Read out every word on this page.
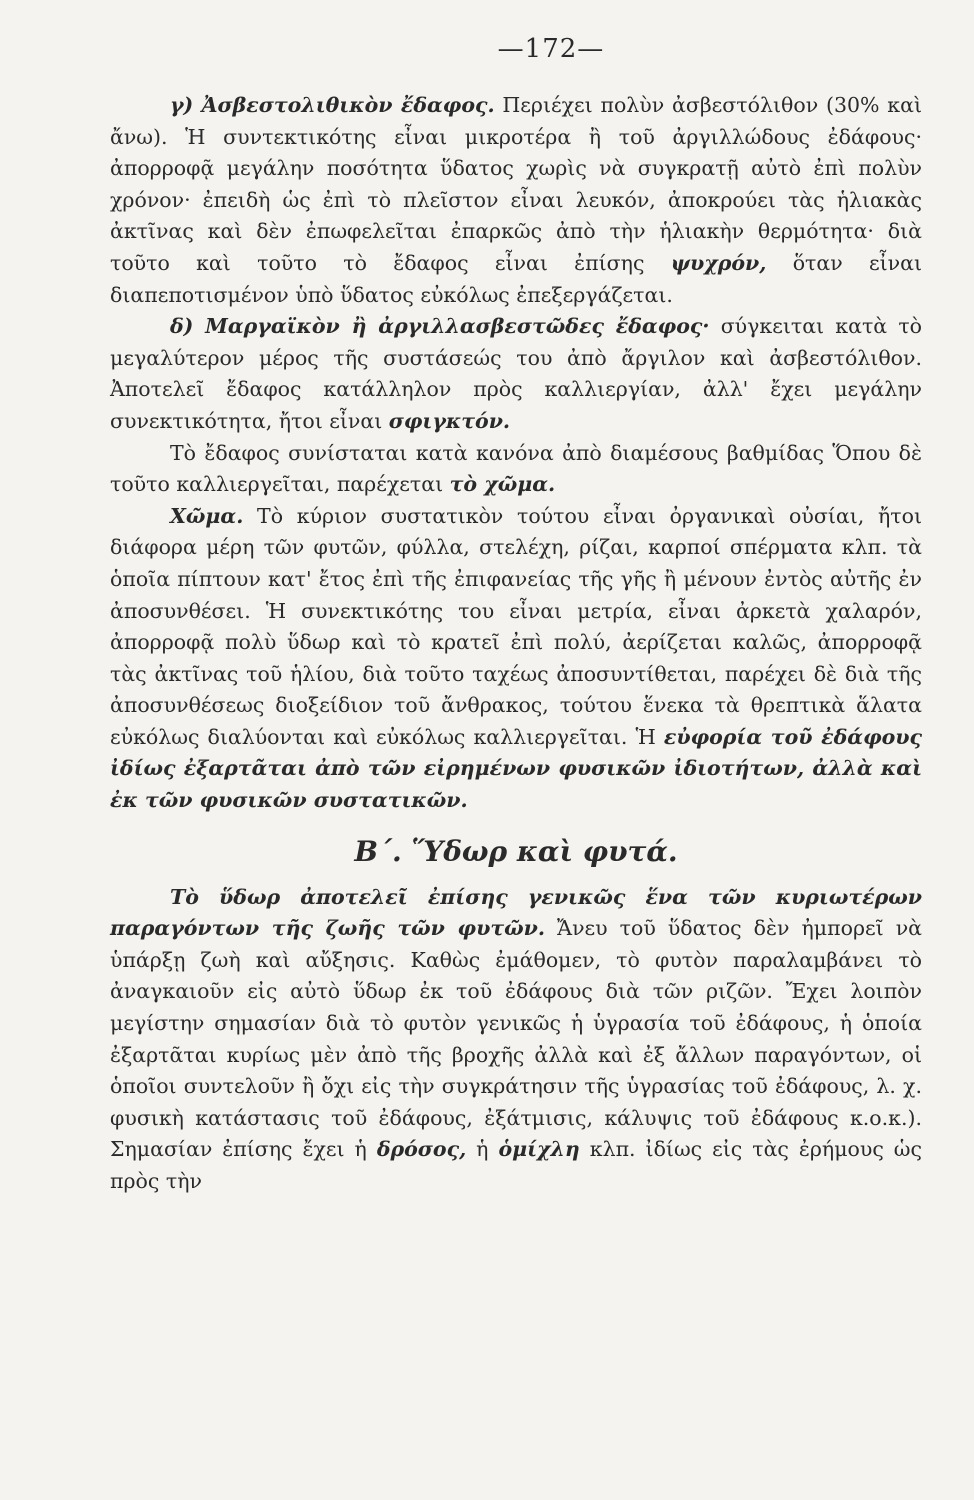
—172—

γ) Ἀσβεστολιθικὸν ἔδαφος. Περιέχει πολὺν ἀσβεστόλιθον (30% καὶ ἄνω). Ἡ συντεκτικότης εἶναι μικροτέρα ἢ τοῦ ἀργιλλώδους ἐδάφους· ἀπορροφᾷ μεγάλην ποσότητα ὕδατος χωρὶς νὰ συγκρατῇ αὐτὸ ἐπὶ πολὺν χρόνον· ἐπειδὴ ὡς ἐπὶ τὸ πλεῖστον εἶναι λευκόν, ἀποκρούει τὰς ἡλιακὰς ἀκτῖνας καὶ δὲν ἐπωφελεῖται ἐπαρκῶς ἀπὸ τὴν ἡλιακὴν θερμότητα· διὰ τοῦτο καὶ τοῦτο τὸ ἔδαφος εἶναι ἐπίσης ψυχρόν, ὅταν εἶναι διαπεποτισμένον ὑπὸ ὕδατος εὐκόλως ἐπεξεργάζεται.

δ) Μαργαϊκὸν ἢ ἀργιλλασβεστῶδες ἔδαφος· σύγκειται κατὰ τὸ μεγαλύτερον μέρος τῆς συστάσεώς του ἀπὸ ἄργιλον καὶ ἀσβεστόλιθον. Ἀποτελεῖ ἔδαφος κατάλληλον πρὸς καλλιεργίαν, ἀλλ' ἔχει μεγάλην συνεκτικότητα, ἤτοι εἶναι σφιγκτόν.

Τὸ ἔδαφος συνίσταται κατὰ κανόνα ἀπὸ διαμέσους βαθμίδας Ὅπου δὲ τοῦτο καλλιεργεῖται, παρέχεται τὸ χῶμα.

Χῶμα. Τὸ κύριον συστατικὸν τούτου εἶναι ὀργανικαὶ οὐσίαι, ἤτοι διάφορα μέρη τῶν φυτῶν, φύλλα, στελέχη, ρίζαι, καρποί σπέρματα κλπ. τὰ ὁποῖα πίπτουν κατ' ἔτος ἐπὶ τῆς ἐπιφανείας τῆς γῆς ἢ μένουν ἐντὸς αὐτῆς ἐν ἀποσυνθέσει. Ἡ συνεκτικότης του εἶναι μετρία, εἶναι ἀρκετὰ χαλαρόν, ἀπορροφᾷ πολὺ ὕδωρ καὶ τὸ κρατεῖ ἐπὶ πολύ, ἀερίζεται καλῶς, ἀπορροφᾷ τὰς ἀκτῖνας τοῦ ἡλίου, διὰ τοῦτο ταχέως ἀποσυντίθεται, παρέχει δὲ διὰ τῆς ἀποσυνθέσεως διοξείδιον τοῦ ἄνθρακος, τούτου ἕνεκα τὰ θρεπτικὰ ἅλατα εὐκόλως διαλύονται καὶ εὐκόλως καλλιεργεῖται. Ἡ εὐφορία τοῦ ἐδάφους ἰδίως ἐξαρτᾶται ἀπὸ τῶν εἰρημένων φυσικῶν ἰδιοτήτων, ἀλλὰ καὶ ἐκ τῶν φυσικῶν συστατικῶν.

Β΄. Ὕδωρ καὶ φυτά.

Τὸ ὕδωρ ἀποτελεῖ ἐπίσης γενικῶς ἕνα τῶν κυριωτέρων παραγόντων τῆς ζωῆς τῶν φυτῶν. Ἄνευ τοῦ ὕδατος δὲν ἠμπορεῖ νὰ ὑπάρξῃ ζωὴ καὶ αὔξησις. Καθὼς ἐμάθομεν, τὸ φυτὸν παραλαμβάνει τὸ ἀναγκαιοῦν εἰς αὐτὸ ὕδωρ ἐκ τοῦ ἐδάφους διὰ τῶν ριζῶν. Ἔχει λοιπὸν μεγίστην σημασίαν διὰ τὸ φυτὸν γενικῶς ἡ ὑγρασία τοῦ ἐδάφους, ἡ ὁποία ἐξαρτᾶται κυρίως μὲν ἀπὸ τῆς βροχῆς ἀλλὰ καὶ ἐξ ἄλλων παραγόντων, οἱ ὁποῖοι συντελοῦν ἢ ὄχι εἰς τὴν συγκράτησιν τῆς ὑγρασίας τοῦ ἐδάφους, λ. χ. φυσικὴ κατάστασις τοῦ ἐδάφους, ἐξάτμισις, κάλυψις τοῦ ἐδάφους κ.ο.κ.). Σημασίαν ἐπίσης ἔχει ἡ δρόσος, ἡ ὁμίχλη κλπ. ἰδίως εἰς τὰς ἐρήμους ὡς πρὸς τὴν
